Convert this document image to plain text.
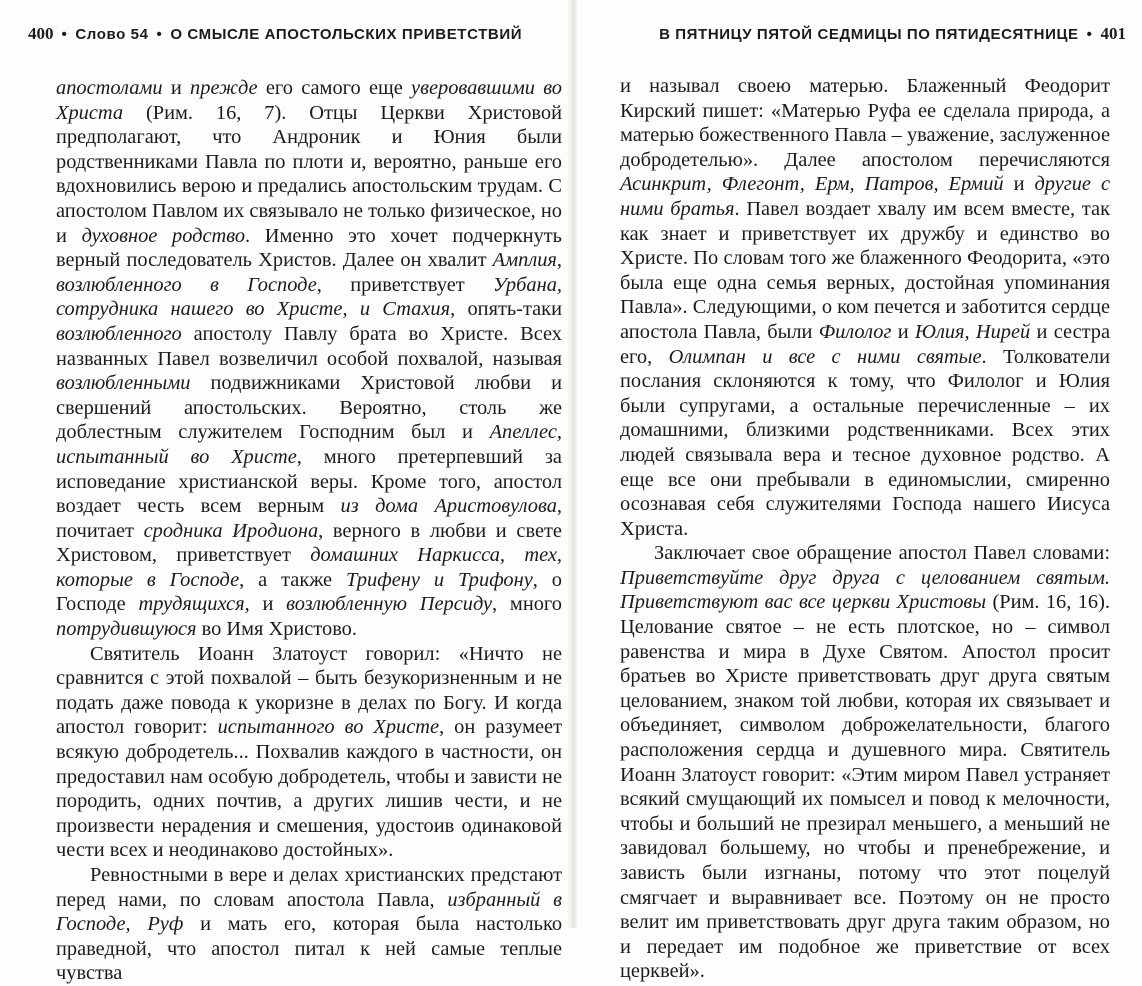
400 • Слово 54 • О СМЫСЛЕ АПОСТОЛЬСКИХ ПРИВЕТСТВИЙ

апостолами и прежде его самого еще уверовавшими во Христа (Рим. 16, 7). Отцы Церкви Христовой предполагают, что Андроник и Юния были родственниками Павла по плоти и, вероятно, раньше его вдохновились верою и предались апостольским трудам. С апостолом Павлом их связывало не только физическое, но и духовное родство. Именно это хочет подчеркнуть верный последователь Христов. Далее он хвалит Амплия, возлюбленного в Господе, приветствует Урбана, сотрудника нашего во Христе, и Стахия, опять-таки возлюбленного апостолу Павлу брата во Христе. Всех названных Павел возвеличил особой похвалой, называя возлюбленными подвижниками Христовой любви и свершений апостольских. Вероятно, столь же доблестным служителем Господним был и Апеллес, испытанный во Христе, много претерпевший за исповедание христианской веры. Кроме того, апостол воздает честь всем верным из дома Аристовулова, почитает сродника Иродиона, верного в любви и свете Христовом, приветствует домашних Наркисса, тех, которые в Господе, а также Трифену и Трифону, о Господе трудящихся, и возлюбленную Персиду, много потрудившуюся во Имя Христово.

Святитель Иоанн Златоуст говорил: «Ничто не сравнится с этой похвалой – быть безукоризненным и не подать даже повода к укоризне в делах по Богу. И когда апостол говорит: испытанного во Христе, он разумеет всякую добродетель... Похвалив каждого в частности, он предоставил нам особую добродетель, чтобы и зависти не породить, одних почтив, а других лишив чести, и не произвести нерадения и смешения, удостоив одинаковой чести всех и неодинаково достойных».

Ревностными в вере и делах христианских предстают перед нами, по словам апостола Павла, избранный в Господе, Руф и мать его, которая была настолько праведной, что апостол питал к ней самые теплые чувства

В ПЯТНИЦУ ПЯТОЙ СЕДМИЦЫ ПО ПЯТИДЕСЯТНИЦЕ • 401

и называл своею матерью. Блаженный Феодорит Кирский пишет: «Матерью Руфа ее сделала природа, а матерью божественного Павла – уважение, заслуженное добродетелью». Далее апостолом перечисляются Асинкрит, Флегонт, Ерм, Патров, Ермий и другие с ними братья. Павел воздает хвалу им всем вместе, так как знает и приветствует их дружбу и единство во Христе. По словам того же блаженного Феодорита, «это была еще одна семья верных, достойная упоминания Павла». Следующими, о ком печется и заботится сердце апостола Павла, были Филолог и Юлия, Нирей и сестра его, Олимпан и все с ними святые. Толкователи послания склоняются к тому, что Филолог и Юлия были супругами, а остальные перечисленные – их домашними, близкими родственниками. Всех этих людей связывала вера и тесное духовное родство. А еще все они пребывали в единомыслии, смиренно осознавая себя служителями Господа нашего Иисуса Христа.

Заключает свое обращение апостол Павел словами: Приветствуйте друг друга с целованием святым. Приветствуют вас все церкви Христовы (Рим. 16, 16). Целование святое – не есть плотское, но – символ равенства и мира в Духе Святом. Апостол просит братьев во Христе приветствовать друг друга святым целованием, знаком той любви, которая их связывает и объединяет, символом доброжелательности, благого расположения сердца и душевного мира. Святитель Иоанн Златоуст говорит: «Этим миром Павел устраняет всякий смущающий их помысел и повод к мелочности, чтобы и больший не презирал меньшего, а меньший не завидовал большему, но чтобы и пренебрежение, и зависть были изгнаны, потому что этот поцелуй смягчает и выравнивает все. Поэтому он не просто велит им приветствовать друг друга таким образом, но и передает им подобное же приветствие от всех церквей».
